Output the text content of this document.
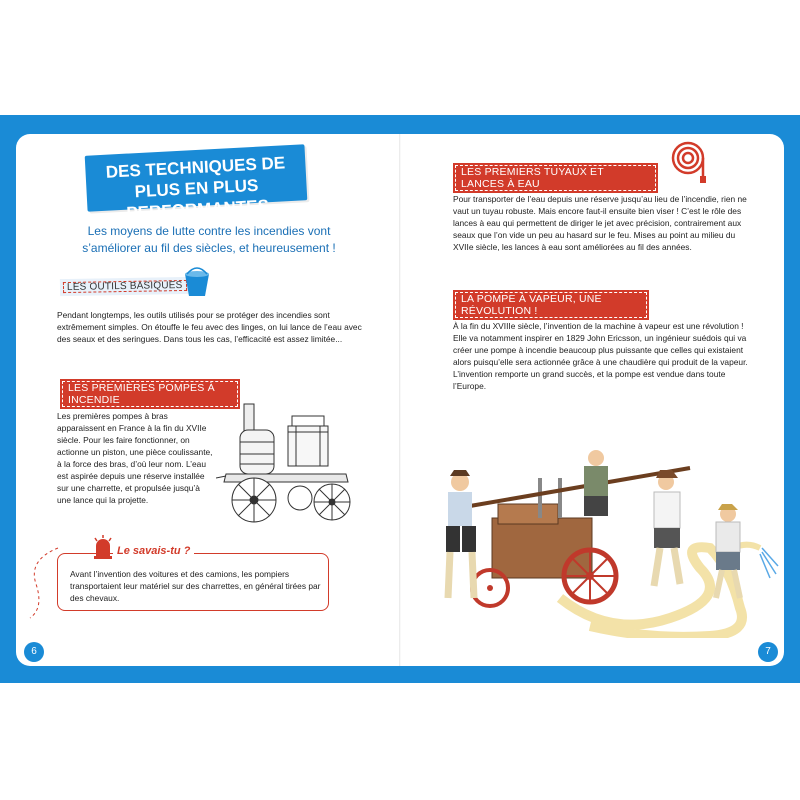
DES TECHNIQUES DE PLUS EN PLUS PERFORMANTES
Les moyens de lutte contre les incendies vont s’améliorer au fil des siècles, et heureusement !
LES OUTILS BASIQUES
Pendant longtemps, les outils utilisés pour se protéger des incendies sont extrêmement simples. On étouffe le feu avec des linges, on lui lance de l’eau avec des seaux et des seringues. Dans tous les cas, l’efficacité est assez limitée...
LES PREMIÈRES POMPES À INCENDIE
Les premières pompes à bras apparaissent en France à la fin du XVIIe siècle. Pour les faire fonctionner, on actionne un piston, une pièce coulissante, à la force des bras, d’où leur nom. L’eau est aspirée depuis une réserve installée sur une charrette, et propulsée jusqu’à une lance qui la projette.
Le savais-tu ?
Avant l’invention des voitures et des camions, les pompiers transportaient leur matériel sur des charrettes, en général tirées par des chevaux.
6
LES PREMIERS TUYAUX ET LANCES À EAU
Pour transporter de l’eau depuis une réserve jusqu’au lieu de l’incendie, rien ne vaut un tuyau robuste. Mais encore faut-il ensuite bien viser ! C’est le rôle des lances à eau qui permettent de diriger le jet avec précision, contrairement aux seaux que l’on vide un peu au hasard sur le feu. Mises au point au milieu du XVIIe siècle, les lances à eau sont améliorées au fil des années.
LA POMPE À VAPEUR, UNE RÉVOLUTION !
À la fin du XVIIIe siècle, l’invention de la machine à vapeur est une révolution ! Elle va notamment inspirer en 1829 John Ericsson, un ingénieur suédois qui va créer une pompe à incendie beaucoup plus puissante que celles qui existaient alors puisqu’elle sera actionnée grâce à une chaudière qui produit de la vapeur. L’invention remporte un grand succès, et la pompe est vendue dans toute l’Europe.
7
